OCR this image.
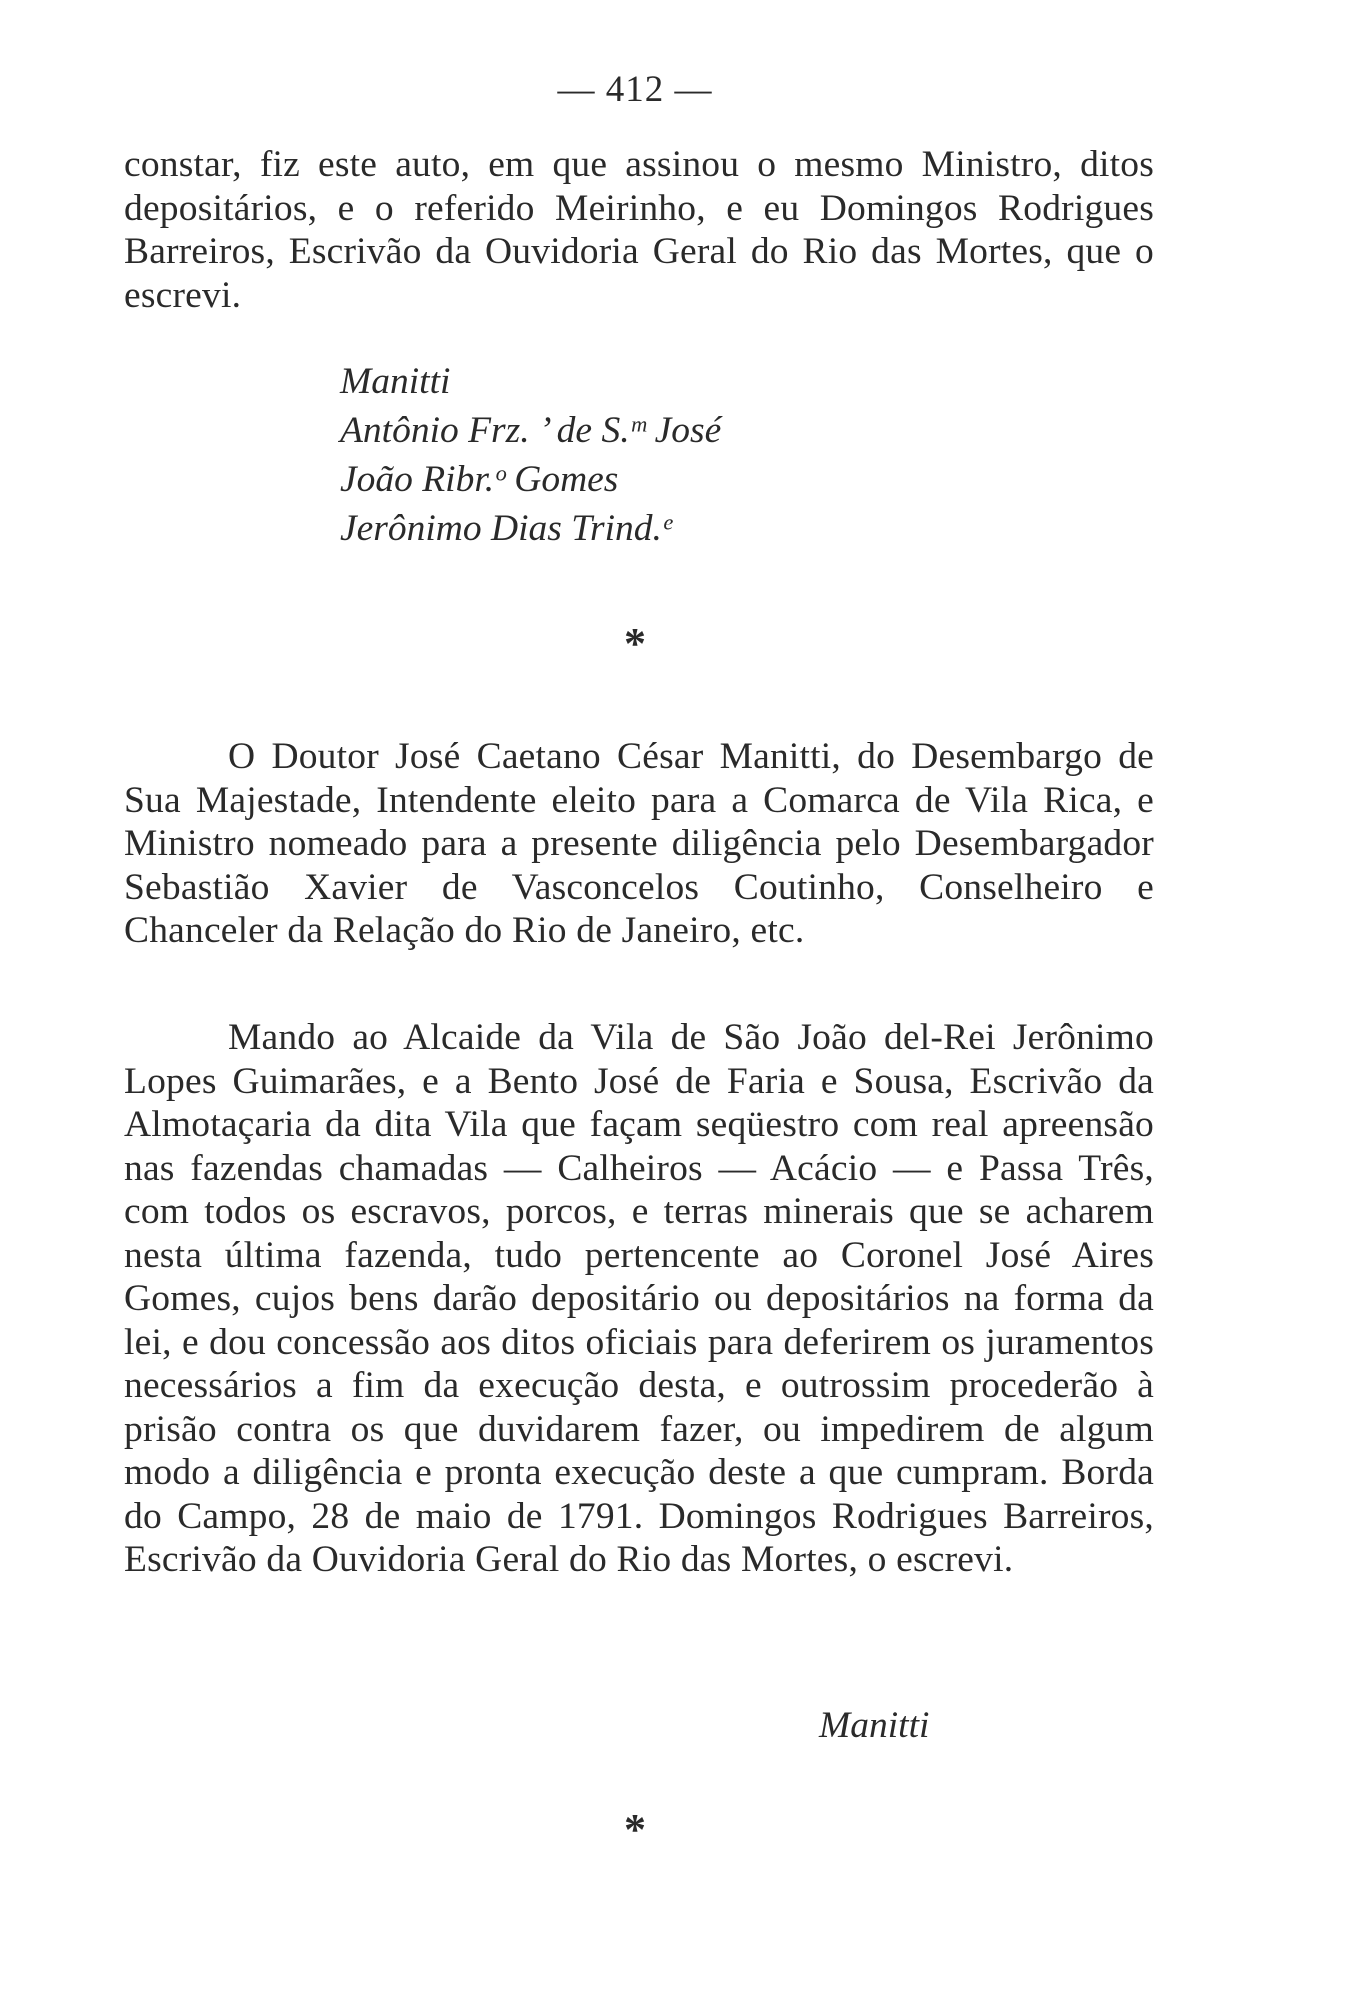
— 412 —

constar, fiz este auto, em que assinou o mesmo Ministro, ditos depositários, e o referido Meirinho, e eu Domingos Rodrigues Barreiros, Escrivão da Ouvidoria Geral do Rio das Mortes, que o escrevi.

Manitti
Antônio Frz. ’ de S.ᵐ José
João Ribr.ᵒ Gomes
Jerônimo Dias Trind.ᵉ
*

O Doutor José Caetano César Manitti, do Desembargo de Sua Majestade, Intendente eleito para a Comarca de Vila Rica, e Ministro nomeado para a presente diligência pelo Desembargador Sebastião Xavier de Vasconcelos Coutinho, Conselheiro e Chanceler da Relação do Rio de Janeiro, etc.

Mando ao Alcaide da Vila de São João del-Rei Jerônimo Lopes Guimarães, e a Bento José de Faria e Sousa, Escrivão da Almotaçaria da dita Vila que façam seqüestro com real apreensão nas fazendas chamadas — Calheiros — Acácio — e Passa Três, com todos os escravos, porcos, e terras minerais que se acharem nesta última fazenda, tudo pertencente ao Coronel José Aires Gomes, cujos bens darão depositário ou depositários na forma da lei, e dou concessão aos ditos oficiais para deferirem os juramentos necessários a fim da execução desta, e outrossim procederão à prisão contra os que duvidarem fazer, ou impedirem de algum modo a diligência e pronta execução deste a que cumpram. Borda do Campo, 28 de maio de 1791. Domingos Rodrigues Barreiros, Escrivão da Ouvidoria Geral do Rio das Mortes, o escrevi.

Manitti
*
